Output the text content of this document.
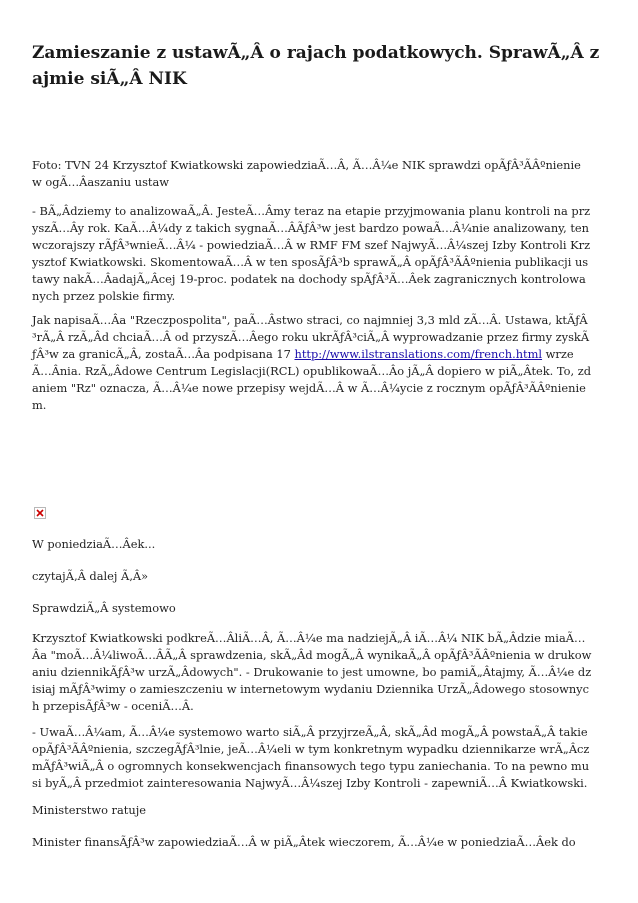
Zamieszanie z ustawÃ„Â o rajach podatkowych. SprawÃ„Â zajmie siÃ„Â NIK

Foto: TVN 24 Krzysztof Kwiatkowski zapowiedziaÃ…Â, Ã…Â¼e NIK sprawdzi opÃƒÂ³ÃÂºnienie w ogÃ…Âaszaniu ustaw

- BÃ„Âdziemy to analizowaÃ„Â. JesteÃ…Âmy teraz na etapie przyjmowania planu kontroli na przyszÃ…Ây rok. KaÃ…Â¼dy z takich sygnaÃ…ÂÃƒÂ³w jest bardzo powaÃ…Â¼nie analizowany, ten wczorajszy rÃƒÂ³wnieÃ…Â¼ - powiedziaÃ…Â w RMF FM szef NajwyÃ…Â¼szej Izby Kontroli Krzysztof Kwiatkowski. SkomentowaÃ…Â w ten sposÃƒÂ³b sprawÃ„Â opÃƒÂ³ÃÂºnienia publikacji ustawy nakÃ…ÂadajÃ„Âcej 19-proc. podatek na dochody spÃƒÂ³Ã…Âek zagranicznych kontrolowanych przez polskie firmy.

Jak napisaÃ…Âa "Rzeczpospolita", paÃ…Âstwo straci, co najmniej 3,3 mld zÃ…Â. Ustawa, ktÃƒÂ³rÃ„Â rzÃ„Âd chciaÃ…Â od przyszÃ…Âego roku ukrÃƒÂ³ciÃ„Â wyprowadzanie przez firmy zyskÃƒÂ³w za granicÃ„Â, zostaÃ…Âa podpisana 17 http://www.ilstranslations.com/french.html wrzeÃ…Ânia. RzÃ„Âdowe Centrum Legislacji(RCL) opublikowaÃ…Âo jÃ„Â dopiero w piÃ„Âtek. To, zdaniem "Rz" oznacza, Ã…Â¼e nowe przepisy wejdÃ…Â w Ã…Â¼ycie z rocznym opÃƒÂ³ÃÂºnieniem.

W poniedziaÃ…Âek...

czytajÃ‚Â dalej Ã‚Â»

SprawdziÃ„Â systemowo

Krzysztof Kwiatkowski podkreÃ…ÂliÃ…Â, Ã…Â¼e ma nadziejÃ„Â iÃ…Â¼ NIK bÃ„Âdzie miaÃ…Âa "moÃ…Â¼liwoÃ…ÂÃ„Â sprawdzenia, skÃ„Âd mogÃ„Â wynikaÃ„Â opÃƒÂ³ÃÂºnienia w drukowaniu dziennikÃƒÂ³w urzÃ„Âdowych". - Drukowanie to jest umowne, bo pamiÃ„Âtajmy, Ã…Â¼e dzisiaj mÃƒÂ³wimy o zamieszczeniu w internetowym wydaniu Dziennika UrzÃ„Âdowego stosownych przepisÃƒÂ³w - oceniÃ…Â.

- UwaÃ…Â¼am, Ã…Â¼e systemowo warto siÃ„Â przyjrzeÃ„Â, skÃ„Âd mogÃ„Â powstaÃ„Â takie opÃƒÂ³ÃÂºnienia, szczegÃƒÂ³lnie, jeÃ…Â¼eli w tym konkretnym wypadku dziennikarze wrÃ„Âcz mÃƒÂ³wiÃ„Â o ogromnych konsekwencjach finansowych tego typu zaniechania. To na pewno musi byÃ„Â przedmiot zainteresowania NajwyÃ…Â¼szej Izby Kontroli - zapewniÃ…Â Kwiatkowski.

Ministerstwo ratuje

Minister finansÃƒÂ³w zapowiedziaÃ…Â w piÃ„Âtek wieczorem, Ã…Â¼e w poniedziaÃ…Âek do
